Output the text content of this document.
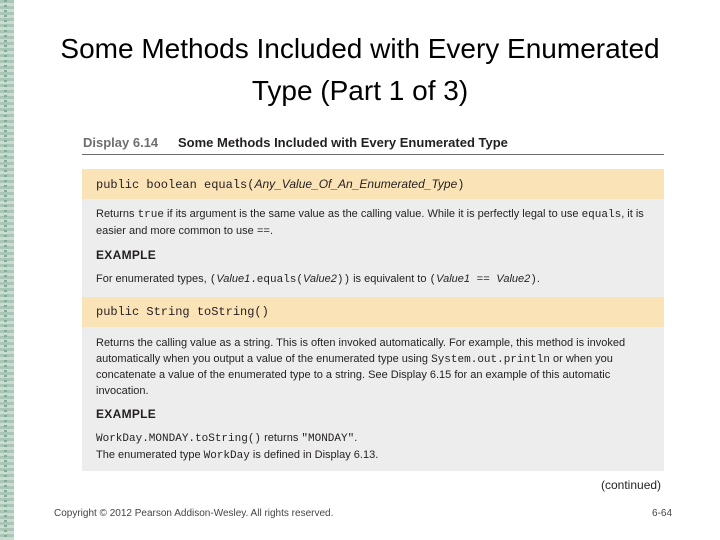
Some Methods Included with Every Enumerated Type (Part 1 of 3)
Display 6.14 Some Methods Included with Every Enumerated Type
public boolean equals(Any_Value_Of_An_Enumerated_Type)
Returns true if its argument is the same value as the calling value. While it is perfectly legal to use equals, it is easier and more common to use ==.
EXAMPLE
For enumerated types, (Value1.equals(Value2)) is equivalent to (Value1 == Value2).
public String toString()
Returns the calling value as a string. This is often invoked automatically. For example, this method is invoked automatically when you output a value of the enumerated type using System.out.println or when you concatenate a value of the enumerated type to a string. See Display 6.15 for an example of this automatic invocation.
EXAMPLE
WorkDay.MONDAY.toString() returns "MONDAY".
The enumerated type WorkDay is defined in Display 6.13.
(continued)
Copyright © 2012 Pearson Addison-Wesley. All rights reserved.	6-64
